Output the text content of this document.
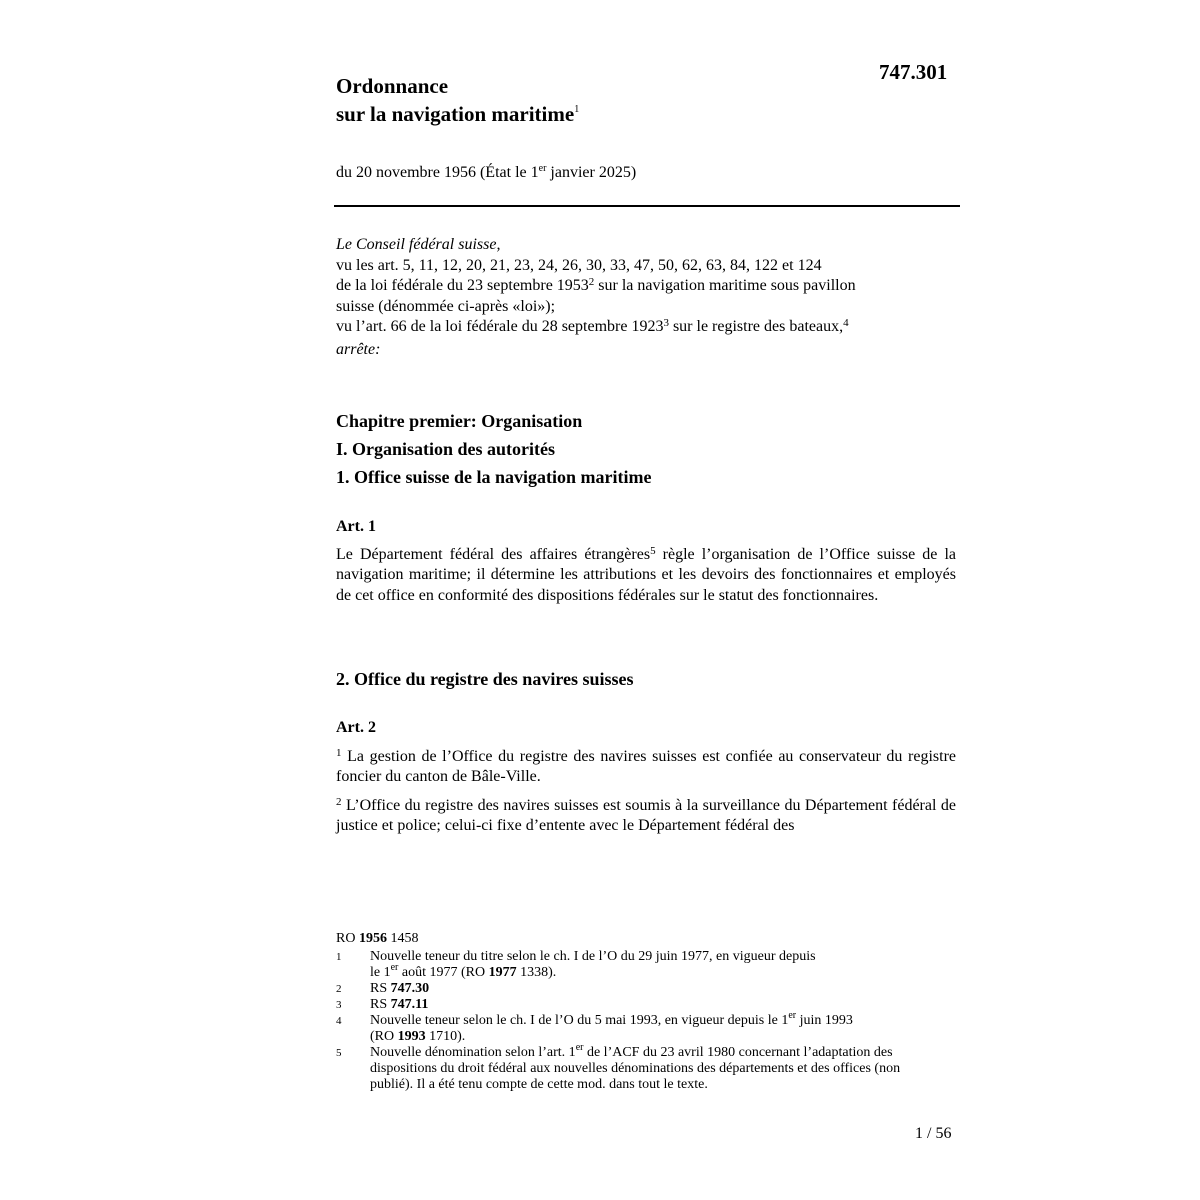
747.301
Ordonnance
sur la navigation maritime$^1$
du 20 novembre 1956 (État le 1er janvier 2025)

Le Conseil fédéral suisse,

vu les art. 5, 11, 12, 20, 21, 23, 24, 26, 30, 33, 47, 50, 62, 63, 84, 122 et 124

de la loi fédérale du 23 septembre 1953$^2$ sur la navigation maritime sous pavillon

suisse (dénommée ci-après «loi»);

vu l’art. 66 de la loi fédérale du 28 septembre 1923$^3$ sur le registre des bateaux,$^4$

arrête:

Chapitre premier: Organisation
I. Organisation des autorités
1. Office suisse de la navigation maritime
Art. 1

Le Département fédéral des affaires étrangères$^5$ règle l’organisation de l’Office suisse de la navigation maritime; il détermine les attributions et les devoirs des fonctionnaires et employés de cet office en conformité des dispositions fédérales sur le statut des fonctionnaires.

2. Office du registre des navires suisses
Art. 2

$^1$ La gestion de l’Office du registre des navires suisses est confiée au conservateur du registre foncier du canton de Bâle-Ville.

$^2$ L’Office du registre des navires suisses est soumis à la surveillance du Département fédéral de justice et police; celui-ci fixe d’entente avec le Département fédéral des

RO 1956 1458
1	Nouvelle teneur du titre selon le ch. I de l’O du 29 juin 1977, en vigueur depuis
le 1er août 1977 (RO 1977 1338).
2	RS 747.30
3	RS 747.11
4	Nouvelle teneur selon le ch. I de l’O du 5 mai 1993, en vigueur depuis le 1er juin 1993
(RO 1993 1710).
5	Nouvelle dénomination selon l’art. 1er de l’ACF du 23 avril 1980 concernant l’adaptation des dispositions du droit fédéral aux nouvelles dénominations des départements et des offices (non publié). Il a été tenu compte de cette mod. dans tout le texte.
1 / 56
